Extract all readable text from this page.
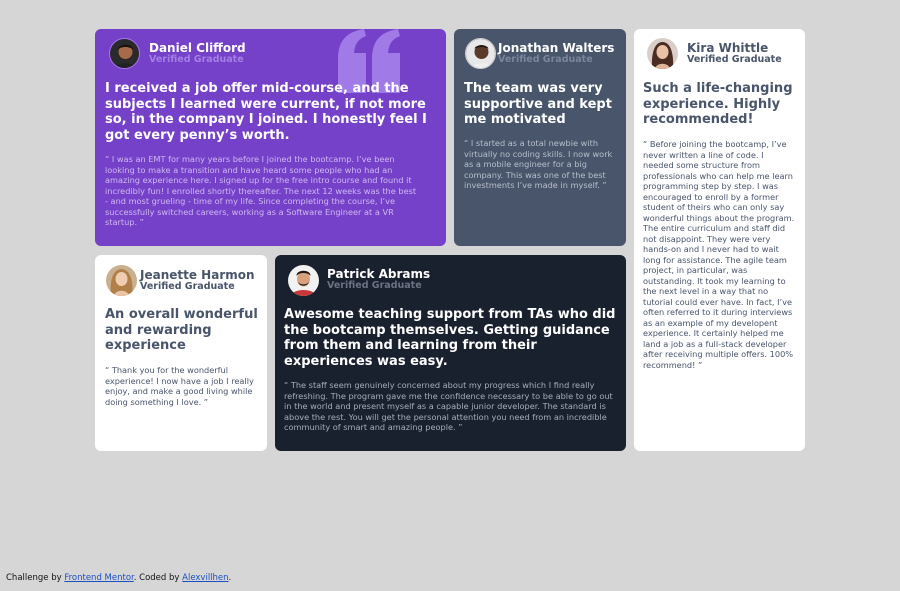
Daniel Clifford
Verified Graduate

I received a job offer mid-course, and the subjects I learned were current, if not more so, in the company I joined. I honestly feel I got every penny’s worth.

“ I was an EMT for many years before I joined the bootcamp. I’ve been looking to make a transition and have heard some people who had an amazing experience here. I signed up for the free intro course and found it incredibly fun! I enrolled shortly thereafter. The next 12 weeks was the best - and most grueling - time of my life. Since completing the course, I’ve successfully switched careers, working as a Software Engineer at a VR startup. ”

Jonathan Walters
Verified Graduate

The team was very supportive and kept me motivated

“ I started as a total newbie with virtually no coding skills. I now work as a mobile engineer for a big company. This was one of the best investments I’ve made in myself. ”

Kira Whittle
Verified Graduate

Such a life-changing experience. Highly recommended!

“ Before joining the bootcamp, I’ve never written a line of code. I needed some structure from professionals who can help me learn programming step by step. I was encouraged to enroll by a former student of theirs who can only say wonderful things about the program. The entire curriculum and staff did not disappoint. They were very hands-on and I never had to wait long for assistance. The agile team project, in particular, was outstanding. It took my learning to the next level in a way that no tutorial could ever have. In fact, I’ve often referred to it during interviews as an example of my developent experience. It certainly helped me land a job as a full-stack developer after receiving multiple offers. 100% recommend! ”

Jeanette Harmon
Verified Graduate

An overall wonderful and rewarding experience

“ Thank you for the wonderful experience! I now have a job I really enjoy, and make a good living while doing something I love. ”

Patrick Abrams
Verified Graduate

Awesome teaching support from TAs who did the bootcamp themselves. Getting guidance from them and learning from their experiences was easy.

“ The staff seem genuinely concerned about my progress which I find really refreshing. The program gave me the confidence necessary to be able to go out in the world and present myself as a capable junior developer. The standard is above the rest. You will get the personal attention you need from an incredible community of smart and amazing people. ”

Challenge by Frontend Mentor. Coded by Alexvillhen.
